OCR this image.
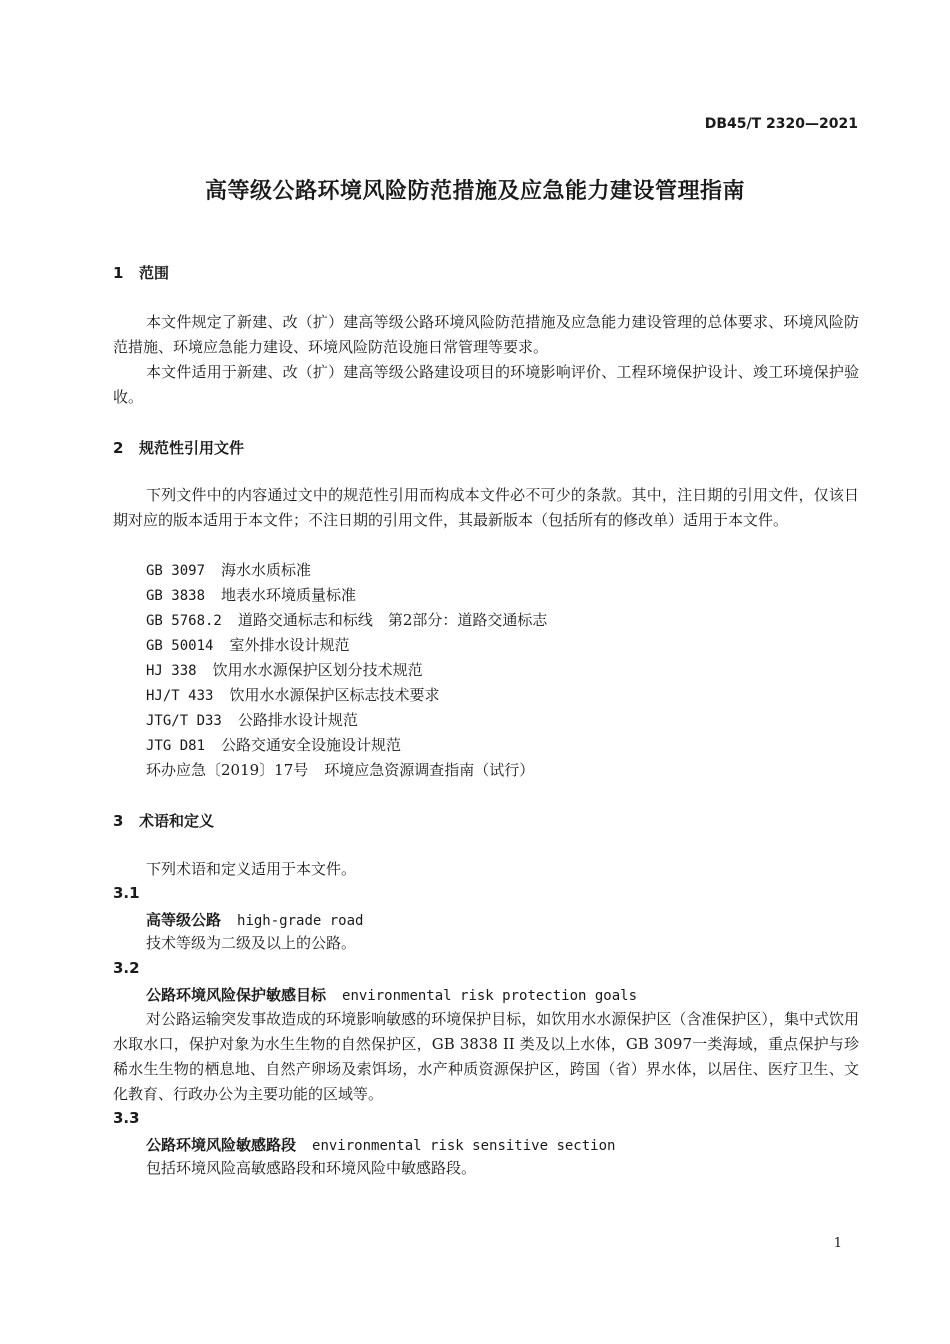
DB45/T 2320—2021
高等级公路环境风险防范措施及应急能力建设管理指南
1 范围

本文件规定了新建、改（扩）建高等级公路环境风险防范措施及应急能力建设管理的总体要求、环境风险防范措施、环境应急能力建设、环境风险防范设施日常管理等要求。

本文件适用于新建、改（扩）建高等级公路建设项目的环境影响评价、工程环境保护设计、竣工环境保护验收。

2 规范性引用文件

下列文件中的内容通过文中的规范性引用而构成本文件必不可少的条款。其中，注日期的引用文件，仅该日期对应的版本适用于本文件；不注日期的引用文件，其最新版本（包括所有的修改单）适用于本文件。

GB 3097 海水水质标准
GB 3838 地表水环境质量标准
GB 5768.2 道路交通标志和标线　第2部分：道路交通标志
GB 50014 室外排水设计规范
HJ 338 饮用水水源保护区划分技术规范
HJ/T 433 饮用水水源保护区标志技术要求
JTG/T D33 公路排水设计规范
JTG D81 公路交通安全设施设计规范
环办应急〔2019〕17号 环境应急资源调查指南（试行）
3 术语和定义

下列术语和定义适用于本文件。

3.1
高等级公路 high-grade road

技术等级为二级及以上的公路。

3.2
公路环境风险保护敏感目标 environmental risk protection goals

对公路运输突发事故造成的环境影响敏感的环境保护目标，如饮用水水源保护区（含准保护区），集中式饮用水取水口，保护对象为水生生物的自然保护区，GB 3838 II 类及以上水体，GB 3097一类海域，重点保护与珍稀水生生物的栖息地、自然产卵场及索饵场，水产种质资源保护区，跨国（省）界水体，以居住、医疗卫生、文化教育、行政办公为主要功能的区域等。

3.3
公路环境风险敏感路段 environmental risk sensitive section

包括环境风险高敏感路段和环境风险中敏感路段。

1
